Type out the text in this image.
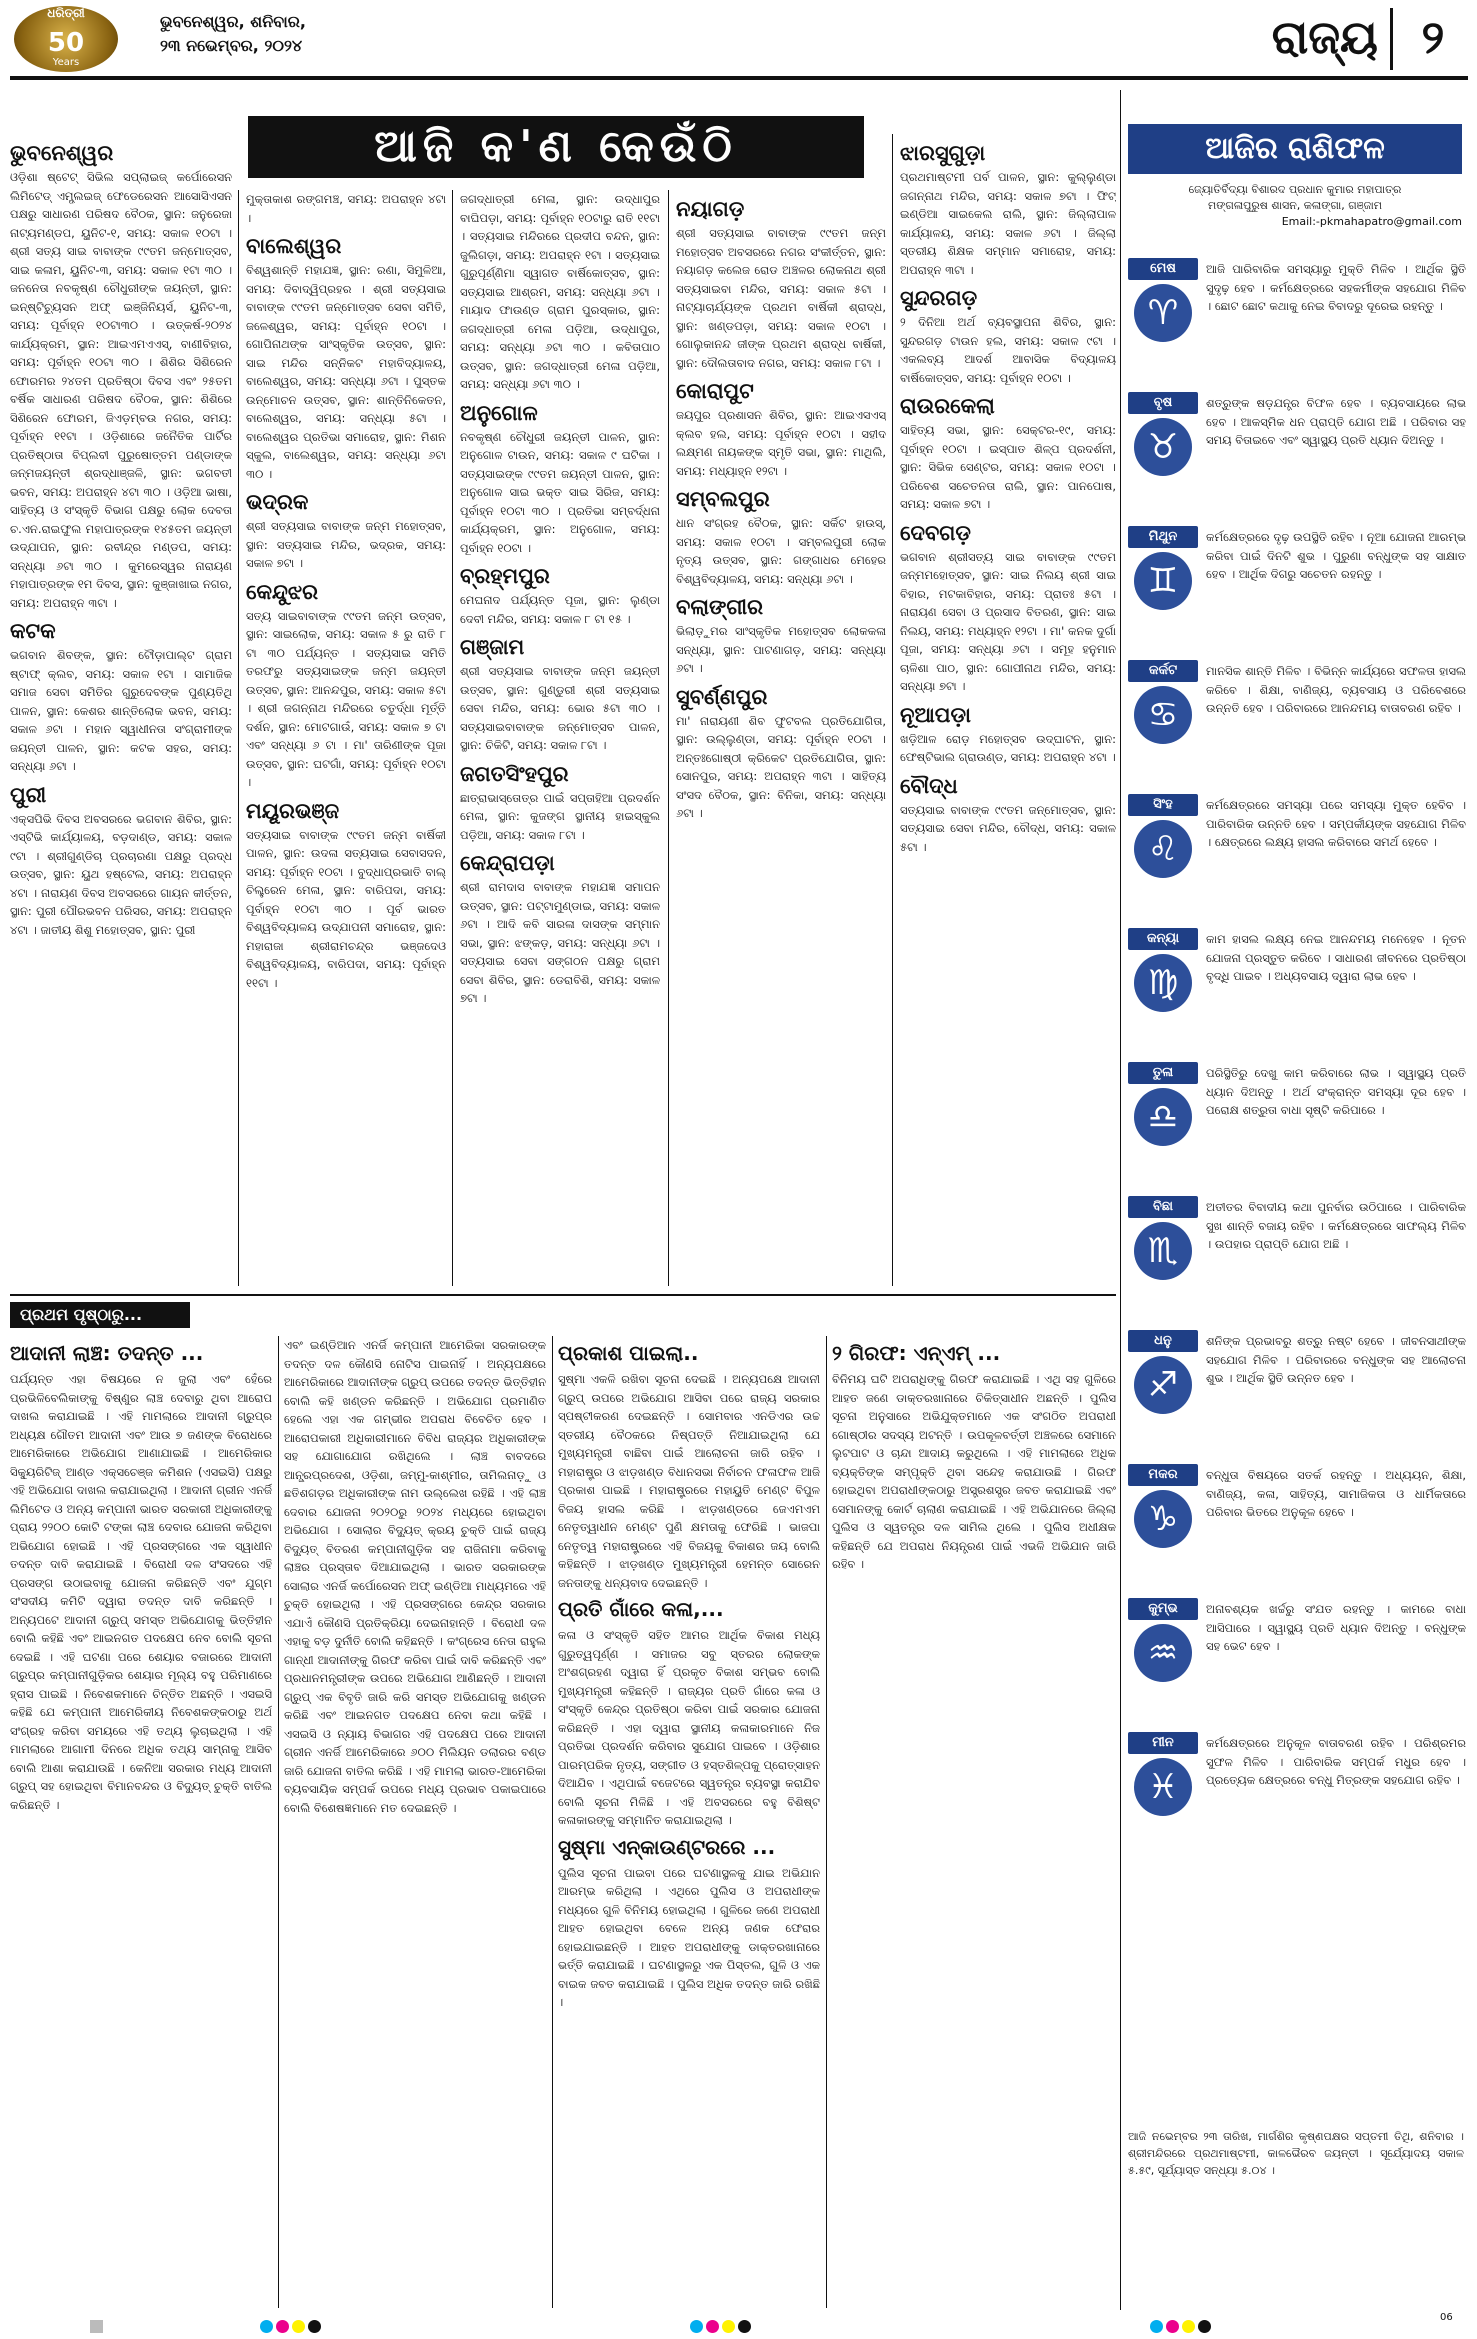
ଧରିତ୍ରୀ
50
Years
ଭୁବନେଶ୍ୱର, ଶନିବାର,
୨୩ ନଭେମ୍ବର, ୨୦୨୪	ରାଜ୍ୟ ୨
ଆଜି କ'ଣ କେଉଁଠି
ଭୁବନେଶ୍ୱର

ଓଡ଼ିଶା ଷ୍ଟେଟ୍ ସିଭିଲ ସପ୍ଲାଇଜ୍ କର୍ପୋରେସନ ଲିମିଟେଡ୍ ଏମ୍ପ୍ଲଇଜ୍ ଫେଡେରେସନ ଆସୋସିଏସନ ପକ୍ଷରୁ ସାଧାରଣ ପରିଷଦ ବୈଠକ, ସ୍ଥାନ: ଜନୁରେଜା ନାଟ୍ୟମଣ୍ଡପ, ୟୁନିଟ-୧, ସମୟ: ସକାଳ ୧୦ଟା । ଶ୍ରୀ ସତ୍ୟ ସାଇ ବାବାଙ୍କ ୯୯ତମ ଜନ୍ମୋତ୍ସବ, ସାଇ କଳାମ, ୟୁନିଟ-୩, ସମୟ: ସକାଳ ୧ଟା ୩୦ । ଜନନେତା ନବକୃଷ୍ଣ ଚୌଧୁରୀଙ୍କ ଜୟନ୍ତୀ, ସ୍ଥାନ: ଇନ୍ଷ୍ଟିଚ୍ୟୁସନ ଅଫ୍ ଇଞ୍ଜିନିୟର୍ସ, ୟୁନିଟ-୩, ସମୟ: ପୂର୍ବାହ୍ନ ୧୦ଟା୩୦ । ଉତ୍କର୍ଷ-୨୦୨୪ କାର୍ଯ୍ୟକ୍ରମ, ସ୍ଥାନ: ଆଇଏମଏଏସ୍, ବାଣୀବିହାର, ସମୟ: ପୂର୍ବାହ୍ନ ୧୦ଟା ୩୦ । ଶିଶିର ସିଶିରେନ ଫୋରମର ୨୪ତମ ପ୍ରତିଷ୍ଠା ଦିବସ ଏବଂ ୨୫ତମ ବର୍ଷିକ ସାଧାରଣ ପରିଷଦ ବୈଠକ, ସ୍ଥାନ: ଶିଶିରେ ସିଶିରେନ ଫୋରମ, ଜିଏଡ଼ମ୍ବଉ ନଗର, ସମୟ: ପୂର୍ବାହ୍ନ ୧୧ଟା । ଓଡ଼ିଶାରେ ଜନୈତିକ ପାର୍ଟିର ପ୍ରତିଷ୍ଠାତା ବିପ୍ଲବୀ ପୁରୁଷୋତ୍ତମ ପଣ୍ଡାଙ୍କ ଜନ୍ମଜୟନ୍ତୀ ଶ୍ରଦ୍ଧାଞ୍ଜଳି, ସ୍ଥାନ: ଭଗବତୀ ଭବନ, ସମୟ: ଅପରାହ୍ନ ୪ଟା ୩୦ । ଓଡ଼ିଆ ଭାଷା, ସାହିତ୍ୟ ଓ ସଂସ୍କୃତି ବିଭାଗ ପକ୍ଷରୁ ଲୋକ ଦେବତା ଚ.ଏନ.ରାଇଫୁଲ ମହାପାତ୍ରଙ୍କ ୧୪୫ତମ ଜୟନ୍ତୀ ଉଦ୍ଯାପନ, ସ୍ଥାନ: ରବୀନ୍ଦ୍ର ମଣ୍ଡପ, ସମୟ: ସନ୍ଧ୍ୟା ୬ଟା ୩୦ । କୁମରେସ୍ୱର ନାରାୟଣ ମହାପାତ୍ରଙ୍କ ୧ମ ଦିବସ, ସ୍ଥାନ: କୁଞ୍ଜାଖାଇ ନଗର, ସମୟ: ଅପରାହ୍ନ ୩ଟା ।

କଟକ

ଭଗବାନ ଶିବଙ୍କ, ସ୍ଥାନ: ଟୌଡ଼ାପାଲ୍ଟ ଗ୍ରାମ ଷ୍ଟାଫ୍ କ୍ଲବ, ସମୟ: ସକାଳ ୧ଟା । ସାମାଜିକ ସମାଜ ସେବା ସମିତିର ଗୁରୁଦେବଙ୍କ ପୁଣ୍ୟତିଥି ପାଳନ, ସ୍ଥାନ: କେଶର ଶାନ୍ତିଲୋକ ଭବନ, ସମୟ: ସକାଳ ୬ଟା । ମହାନ ସ୍ୱାଧୀନତା ସଂଗ୍ରାମୀଙ୍କ ଜୟନ୍ତୀ ପାଳନ, ସ୍ଥାନ: କଟକ ସହର, ସମୟ: ସନ୍ଧ୍ୟା ୬ଟା ।

ପୁରୀ

ଏକ୍ସପିଭି ଦିବସ ଅବସରରେ ଭଗବାନ ଶିବିର, ସ୍ଥାନ: ଏସ୍ଟିଭି କାର୍ଯ୍ୟାଳୟ, ବଡ଼ଦାଣ୍ଡ, ସମୟ: ସକାଳ ୯ଟା । ଶ୍ରୀଗୁଣ୍ଡିଚା ପ୍ରଚାରଣା ପକ୍ଷରୁ ପ୍ରଦ୍ଧ ଉତ୍ସବ, ସ୍ଥାନ: ୟୁଥ ହଷ୍ଟେଲ, ସମୟ: ଅପରାହ୍ନ ୪ଟା । ନାରାୟଣ ଦିବସ ଅବସରରେ ଗାୟନ କୀର୍ତ୍ତନ, ସ୍ଥାନ: ପୁରୀ ପୌରଭବନ ପରିସର, ସମୟ: ଅପରାହ୍ନ ୪ଟା । ଜାତୀୟ ଶିଶୁ ମହୋତ୍ସବ, ସ୍ଥାନ: ପୁରୀ

ମୁକ୍ତାକାଶ ରଙ୍ଗମଞ୍ଚ, ସମୟ: ଅପରାହ୍ନ ୪ଟା ।

ବାଲେଶ୍ୱର

ବିଶ୍ୱଶାନ୍ତି ମହାଯଜ୍ଞ, ସ୍ଥାନ: ରଣା, ସିମୁଳିଆ, ସମୟ: ଦିବାଦ୍ୱିପ୍ରହର । ଶ୍ରୀ ସତ୍ୟସାଇ ବାବାଙ୍କ ୯୯ତମ ଜନ୍ମୋତ୍ସବ ସେବା ସମିତି, ଜଳେଶ୍ୱର, ସମୟ: ପୂର୍ବାହ୍ନ ୧୦ଟା । ଗୋପିନାଥଙ୍କ ସାଂସ୍କୃତିକ ଉତ୍ସବ, ସ୍ଥାନ: ସାଇ ମନ୍ଦିର ସନ୍ନିକଟ ମହାବିଦ୍ୟାଳୟ, ବାଲେଶ୍ୱର, ସମୟ: ସନ୍ଧ୍ୟା ୬ଟା । ପୁସ୍ତକ ଉନ୍ମୋଚନ ଉତ୍ସବ, ସ୍ଥାନ: ଶାନ୍ତିନିକେତନ, ବାଲେଶ୍ୱର, ସମୟ: ସନ୍ଧ୍ୟା ୫ଟା । ବାଲେଶ୍ୱର ପ୍ରତିଭା ସମାରୋହ, ସ୍ଥାନ: ମିଶନ ସ୍କୁଲ, ବାଲେଶ୍ୱର, ସମୟ: ସନ୍ଧ୍ୟା ୬ଟା ୩୦ ।

ଭଦ୍ରକ

ଶ୍ରୀ ସତ୍ୟସାଇ ବାବାଙ୍କ ଜନ୍ମ ମହୋତ୍ସବ, ସ୍ଥାନ: ସତ୍ୟସାଇ ମନ୍ଦିର, ଭଦ୍ରକ, ସମୟ: ସକାଳ ୭ଟା ।

କେନ୍ଦୁଝର

ସତ୍ୟ ସାଇବାବାଙ୍କ ୯୯ତମ ଜନ୍ମ ଉତ୍ସବ, ସ୍ଥାନ: ସାଇଲୋକ, ସମୟ: ସକାଳ ୫ ରୁ ରାତି ୮ ଟା ୩୦ ପର୍ଯ୍ୟନ୍ତ । ସତ୍ୟସାଇ ସମିତି ତରଫରୁ ସତ୍ୟସାଇଙ୍କ ଜନ୍ମ ଜୟନ୍ତୀ ଉତ୍ସବ, ସ୍ଥାନ: ଆନନ୍ଦପୁର, ସମୟ: ସକାଳ ୫ଟା । ଶ୍ରୀ ଜଗନ୍ନାଥ ମନ୍ଦିରରେ ଚତୁର୍ଦ୍ଧା ମୂର୍ତ୍ତି ଦର୍ଶନ, ସ୍ଥାନ: ମୋଟଗାଉଁ, ସମୟ: ସକାଳ ୭ ଟା ଏବଂ ସନ୍ଧ୍ୟା ୬ ଟା । ମା' ତାରିଣୀଙ୍କ ପୂଜା ଉତ୍ସବ, ସ୍ଥାନ: ଘଟଗାଁ, ସମୟ: ପୂର୍ବାହ୍ନ ୧୦ଟା ।

ମୟୂରଭଞ୍ଜ

ସତ୍ୟସାଇ ବାବାଙ୍କ ୯୯ତମ ଜନ୍ମ ବାର୍ଷିକୀ ପାଳନ, ସ୍ଥାନ: ଉଦଳା ସତ୍ୟସାଇ ସେବାସଦନ, ସମୟ: ପୂର୍ବାହ୍ନ ୧୦ଟା । ବୁଦ୍ଧାପ୍ରଭାତି ବାଲ୍ ଚିଲ୍ଡ୍ରେନ ମେଳା, ସ୍ଥାନ: ବାରିପଦା, ସମୟ: ପୂର୍ବାହ୍ନ ୧୦ଟା ୩୦ । ପୂର୍ବ ଭାରତ ବିଶ୍ୱବିଦ୍ୟାଳୟ ଉଦ୍ଯାପନୀ ସମାରୋହ, ସ୍ଥାନ: ମହାରାଜା ଶ୍ରୀରାମଚନ୍ଦ୍ର ଭଞ୍ଜଦେଓ ବିଶ୍ୱବିଦ୍ୟାଳୟ, ବାରିପଦା, ସମୟ: ପୂର୍ବାହ୍ନ ୧୧ଟା ।

ଜଗଦ୍ଧାତ୍ରୀ ମେଳା, ସ୍ଥାନ: ଉଦ୍ଧାପୁର ବାଘିପଡ଼ା, ସମୟ: ପୂର୍ବାହ୍ନ ୧୦ଟାରୁ ରାତି ୧୧ଟା । ସତ୍ୟସାଇ ମନ୍ଦିରରେ ପ୍ରଦୀପ ବନ୍ଦନ, ସ୍ଥାନ: ଜୁଲିଗଡ଼ା, ସମୟ: ଅପରାହ୍ନ ୧ଟା । ସତ୍ୟସାଇ ଗୁରୁପୂର୍ଣ୍ଣିମା ସ୍ୱାଗତ ବାର୍ଷିକୋତ୍ସବ, ସ୍ଥାନ: ସତ୍ୟସାଇ ଆଶ୍ରମ, ସମୟ: ସନ୍ଧ୍ୟା ୬ଟା । ମାୟାଦ ଫାଉଣ୍ଡ ଗ୍ରାମ ପୁରସ୍କାର, ସ୍ଥାନ: ଜଗଦ୍ଧାତ୍ରୀ ମେଳା ପଡ଼ିଆ, ଉଦ୍ଧାପୁର, ସମୟ: ସନ୍ଧ୍ୟା ୬ଟା ୩୦ । କବିତାପାଠ ଉତ୍ସବ, ସ୍ଥାନ: ଜଗଦ୍ଧାତ୍ରୀ ମେଳା ପଡ଼ିଆ, ସମୟ: ସନ୍ଧ୍ୟା ୬ଟା ୩୦ ।

ଅନୁଗୋଳ

ନବକୃଷ୍ଣ ଚୌଧୁରୀ ଜୟନ୍ତୀ ପାଳନ, ସ୍ଥାନ: ଅନୁଗୋଳ ଟାଉନ, ସମୟ: ସକାଳ ୯ ଘଟିକା । ସତ୍ୟସାଇଙ୍କ ୯୯ତମ ଜୟନ୍ତୀ ପାଳନ, ସ୍ଥାନ: ଅନୁଗୋଳ ସାଇ ଭକ୍ତ ସାଇ ସିରିଜ, ସମୟ: ପୂର୍ବାହ୍ନ ୧୦ଟା ୩୦ । ପ୍ରତିଭା ସମ୍ବର୍ଦ୍ଧନା କାର୍ଯ୍ୟକ୍ରମ, ସ୍ଥାନ: ଅନୁଗୋଳ, ସମୟ: ପୂର୍ବାହ୍ନ ୧୦ଟା ।

ବ୍ରହ୍ମପୁର

ମେଘନାଦ ପର୍ଯ୍ୟନ୍ତ ପୂଜା, ସ୍ଥାନ: ଲୁଣ୍ଡା ଦେବୀ ମନ୍ଦିର, ସମୟ: ସକାଳ ୮ ଟା ୧୫ ।

ଗଞ୍ଜାମ

ଶ୍ରୀ ସତ୍ୟସାଇ ବାବାଙ୍କ ଜନ୍ମ ଜୟନ୍ତୀ ଉତ୍ସବ, ସ୍ଥାନ: ଗୁଣ୍ଡୁରୀ ଶ୍ରୀ ସତ୍ୟସାଇ ସେବା ମନ୍ଦିର, ସମୟ: ଭୋର ୫ଟା ୩୦ । ସତ୍ୟସାଇବାବାଙ୍କ ଜନ୍ମୋତ୍ସବ ପାଳନ, ସ୍ଥାନ: ଚିକିଟି, ସମୟ: ସକାଳ ୮ଟା ।

ଜଗତସିଂହପୁର

ଛାତ୍ରାଭାସ୍ତୋତ୍ର ପାଇଁ ସପ୍ତାହିଆ ପ୍ରଦର୍ଶନ ମେଳା, ସ୍ଥାନ: କୁଜଙ୍ଗ ସ୍ଥାନୀୟ ହାଇସ୍କୁଲ ପଡ଼ିଆ, ସମୟ: ସକାଳ ୮ଟା ।

କେନ୍ଦ୍ରାପଡ଼ା

ଶ୍ରୀ ରାମଦାସ ବାବାଙ୍କ ମହାଯଜ୍ଞ ସମାପନ ଉତ୍ସବ, ସ୍ଥାନ: ପଟ୍ଟାମୁଣ୍ଡାଇ, ସମୟ: ସକାଳ ୬ଟା । ଆଦି କବି ସାରଳା ଦାସଙ୍କ ସମ୍ମାନ ସଭା, ସ୍ଥାନ: ଝଙ୍କଡ଼, ସମୟ: ସନ୍ଧ୍ୟା ୬ଟା । ସତ୍ୟସାଇ ସେବା ସଙ୍ଗଠନ ପକ୍ଷରୁ ଗ୍ରାମ ସେବା ଶିବିର, ସ୍ଥାନ: ଡେରାବିଶି, ସମୟ: ସକାଳ ୭ଟା ।

ନୟାଗଡ଼

ଶ୍ରୀ ସତ୍ୟସାଇ ବାବାଙ୍କ ୯୯ତମ ଜନ୍ମ ମହୋତ୍ସବ ଅବସରରେ ନଗର ସଂକୀର୍ତ୍ତନ, ସ୍ଥାନ: ନୟାଗଡ଼ କଲେଜ ରୋଡ ଅଞ୍ଚଳର ଲୋକନାଥ ଶ୍ରୀ ସତ୍ୟସାଇବା ମନ୍ଦିର, ସମୟ: ସକାଳ ୫ଟା । ନାଟ୍ୟାଚାର୍ଯ୍ୟଙ୍କ ପ୍ରଥମ ବାର୍ଷିକୀ ଶ୍ରାଦ୍ଧ, ସ୍ଥାନ: ଖଣ୍ଡପଡ଼ା, ସମୟ: ସକାଳ ୧୦ଟା । ଗୋଲୁକାନନ୍ଦ ଜୀଙ୍କ ପ୍ରଥମ ଶ୍ରାଦ୍ଧ ବାର୍ଷିକୀ, ସ୍ଥାନ: ଦୌଲତାବାଦ ନଗର, ସମୟ: ସକାଳ ୮ଟା ।

କୋରାପୁଟ

ଜୟପୁର ପ୍ରଶାସନ ଶିବିର, ସ୍ଥାନ: ଆଇଏସଏସ୍ କ୍ଲବ ହଲ, ସମୟ: ପୂର୍ବାହ୍ନ ୧୦ଟା । ସହୀଦ ଲକ୍ଷ୍ମଣ ନାୟକଙ୍କ ସ୍ମୃତି ସଭା, ସ୍ଥାନ: ମାଥିଲି, ସମୟ: ମଧ୍ୟାହ୍ନ ୧୨ଟା ।

ସମ୍ବଲପୁର

ଧାନ ସଂଗ୍ରହ ବୈଠକ, ସ୍ଥାନ: ସର୍କିଟ ହାଉସ୍, ସମୟ: ସକାଳ ୧୦ଟା । ସମ୍ବଲପୁରୀ ଲୋକ ନୃତ୍ୟ ଉତ୍ସବ, ସ୍ଥାନ: ଗଙ୍ଗାଧର ମେହେର ବିଶ୍ୱବିଦ୍ୟାଳୟ, ସମୟ: ସନ୍ଧ୍ୟା ୬ଟା ।

ବଲାଙ୍ଗୀର

ଭିଲାଡ଼ୁମର ସାଂସ୍କୃତିକ ମହୋତ୍ସବ ଲୋକକଳା ସନ୍ଧ୍ୟା, ସ୍ଥାନ: ପାଟଣାଗଡ଼, ସମୟ: ସନ୍ଧ୍ୟା ୬ଟା ।

ସୁବର୍ଣ୍ଣପୁର

ମା' ନାରାୟଣୀ ଶିବ ଫୁଟବଲ ପ୍ରତିଯୋଗିତା, ସ୍ଥାନ: ଉଲ୍ଲୁଣ୍ଡା, ସମୟ: ପୂର୍ବାହ୍ନ ୧୦ଟା । ଅନ୍ତଃଗୋଷ୍ଠୀ କ୍ରିକେଟ ପ୍ରତିଯୋଗିତା, ସ୍ଥାନ: ସୋନପୁର, ସମୟ: ଅପରାହ୍ନ ୩ଟା । ସାହିତ୍ୟ ସଂସଦ ବୈଠକ, ସ୍ଥାନ: ବିନିକା, ସମୟ: ସନ୍ଧ୍ୟା ୬ଟା ।

ଝାରସୁଗୁଡ଼ା

ପ୍ରଥମାଷ୍ଟମୀ ପର୍ବ ପାଳନ, ସ୍ଥାନ: କୁଲ୍ଲୁଣ୍ଡା ଜଗନ୍ନାଥ ମନ୍ଦିର, ସମୟ: ସକାଳ ୭ଟା । ଫିଟ୍ ଇଣ୍ଡିଆ ସାଇକେଲ ରାଲି, ସ୍ଥାନ: ଜିଲ୍ଲାପାଳ କାର୍ଯ୍ୟାଳୟ, ସମୟ: ସକାଳ ୬ଟା । ଜିଲ୍ଲା ସ୍ତରୀୟ ଶିକ୍ଷକ ସମ୍ମାନ ସମାରୋହ, ସମୟ: ଅପରାହ୍ନ ୩ଟା ।

ସୁନ୍ଦରଗଡ଼

୨ ଦିନିଆ ଅର୍ଥ ବ୍ୟବସ୍ଥାପନା ଶିବିର, ସ୍ଥାନ: ସୁନ୍ଦରଗଡ଼ ଟାଉନ ହଲ, ସମୟ: ସକାଳ ୯ଟା । ଏକଲବ୍ୟ ଆଦର୍ଶ ଆବାସିକ ବିଦ୍ୟାଳୟ ବାର୍ଷିକୋତ୍ସବ, ସମୟ: ପୂର୍ବାହ୍ନ ୧୦ଟା ।

ରାଉରକେଲା

ସାହିତ୍ୟ ସଭା, ସ୍ଥାନ: ସେକ୍ଟର-୧୯, ସମୟ: ପୂର୍ବାହ୍ନ ୧୦ଟା । ଇସ୍ପାତ ଶିଳ୍ପ ପ୍ରଦର୍ଶନୀ, ସ୍ଥାନ: ସିଭିକ ସେଣ୍ଟର, ସମୟ: ସକାଳ ୧୦ଟା । ପରିବେଶ ସଚେତନତା ରାଲି, ସ୍ଥାନ: ପାନପୋଷ, ସମୟ: ସକାଳ ୭ଟା ।

ଦେବଗଡ଼

ଭଗବାନ ଶ୍ରୀସତ୍ୟ ସାଇ ବାବାଙ୍କ ୯୯ତମ ଜନ୍ମମହୋତ୍ସବ, ସ୍ଥାନ: ସାଇ ନିଲୟ ଶ୍ରୀ ସାଇ ବିହାର, ମଟକାବିହାର, ସମୟ: ପ୍ରାତଃ ୫ଟା । ନାରାୟଣ ସେବା ଓ ପ୍ରସାଦ ବିତରଣ, ସ୍ଥାନ: ସାଇ ନିଲୟ, ସମୟ: ମଧ୍ୟାହ୍ନ ୧୨ଟା । ମା' କନକ ଦୁର୍ଗା ପୂଜା, ସମୟ: ସନ୍ଧ୍ୟା ୬ଟା । ସମୂହ ହନୁମାନ ଚାଳିଶା ପାଠ, ସ୍ଥାନ: ଗୋପୀନାଥ ମନ୍ଦିର, ସମୟ: ସନ୍ଧ୍ୟା ୭ଟା ।

ନୂଆପଡ଼ା

ଖଡ଼ିଆଳ ରୋଡ଼ ମହୋତ୍ସବ ଉଦ୍‌ଘାଟନ, ସ୍ଥାନ: ଫେଷ୍ଟିଭାଲ ଗ୍ରାଉଣ୍ଡ, ସମୟ: ଅପରାହ୍ନ ୪ଟା ।

ବୌଦ୍ଧ

ସତ୍ୟସାଇ ବାବାଙ୍କ ୯୯ତମ ଜନ୍ମୋତ୍ସବ, ସ୍ଥାନ: ସତ୍ୟସାଇ ସେବା ମନ୍ଦିର, ବୌଦ୍ଧ, ସମୟ: ସକାଳ ୫ଟା ।

ଆଜିର ରାଶିଫଳ
ଜ୍ୟୋତିର୍ବିଦ୍ୟା ବିଶାରଦ ପ୍ରଧାନ କୁମାର ମହାପାତ୍ର
ମଙ୍ଗଳାପୁରୁଷ ଶାସନ, କଳାଙ୍ଗା, ଗଞ୍ଜାମ
Email:-pkmahapatro@gmail.com
ମେଷ
♈
ଆଜି ପାରିବାରିକ ସମସ୍ୟାରୁ ମୁକ୍ତି ମିଳିବ । ଆର୍ଥିକ ସ୍ଥିତି ସୁଦୃଢ଼ ହେବ । କର୍ମକ୍ଷେତ୍ରରେ ସହକର୍ମୀଙ୍କ ସହଯୋଗ ମିଳିବ । ଛୋଟ ଛୋଟ କଥାକୁ ନେଇ ବିବାଦରୁ ଦୂରେଇ ରହନ୍ତୁ ।
ବୃଷ
♉
ଶତ୍ରୁଙ୍କ ଷଡ଼ଯନ୍ତ୍ର ବିଫଳ ହେବ । ବ୍ୟବସାୟରେ ଲାଭ ହେବ । ଆକସ୍ମିକ ଧନ ପ୍ରାପ୍ତି ଯୋଗ ଅଛି । ପରିବାର ସହ ସମୟ ବିତାଇବେ ଏବଂ ସ୍ୱାସ୍ଥ୍ୟ ପ୍ରତି ଧ୍ୟାନ ଦିଅନ୍ତୁ ।
ମିଥୁନ
♊
କର୍ମକ୍ଷେତ୍ରରେ ଦୃଢ଼ ଉପସ୍ଥିତି ରହିବ । ନୂଆ ଯୋଜନା ଆରମ୍ଭ କରିବା ପାଇଁ ଦିନଟି ଶୁଭ । ପୁରୁଣା ବନ୍ଧୁଙ୍କ ସହ ସାକ୍ଷାତ ହେବ । ଆର୍ଥିକ ଦିଗରୁ ସଚେତନ ରହନ୍ତୁ ।
କର୍କଟ
♋
ମାନସିକ ଶାନ୍ତି ମିଳିବ । ବିଭିନ୍ନ କାର୍ଯ୍ୟରେ ସଫଳତା ହାସଲ କରିବେ । ଶିକ୍ଷା, ବାଣିଜ୍ୟ, ବ୍ୟବସାୟ ଓ ପରିବେଶରେ ଉନ୍ନତି ହେବ । ପରିବାରରେ ଆନନ୍ଦମୟ ବାତାବରଣ ରହିବ ।
ସିଂହ
♌
କର୍ମକ୍ଷେତ୍ରରେ ସମସ୍ୟା ପରେ ସମସ୍ୟା ମୁକ୍ତ ହେବିବ । ପାରିବାରିକ ଉନ୍ନତି ହେବ । ସମ୍ପର୍କୀୟଙ୍କ ସହଯୋଗ ମିଳିବ । କ୍ଷେତ୍ରରେ ଲକ୍ଷ୍ୟ ହାସଲ କରିବାରେ ସମର୍ଥ ହେବେ ।
କନ୍ୟା
♍
କାମ ହାସଲ ଲକ୍ଷ୍ୟ ନେଇ ଆନନ୍ଦମୟ ମନେହେବ । ନୂତନ ଯୋଜନା ପ୍ରସ୍ତୁତ କରିବେ । ସାଧାରଣ ଜୀବନରେ ପ୍ରତିଷ୍ଠା ବୃଦ୍ଧି ପାଇବ । ଅଧ୍ୟବସାୟ ଦ୍ୱାରା ଲାଭ ହେବ ।
ତୁଳା
♎
ପରିସ୍ଥିତିରୁ ଦେଖୁ କାମ କରିବାରେ ଲାଭ । ସ୍ୱାସ୍ଥ୍ୟ ପ୍ରତି ଧ୍ୟାନ ଦିଅନ୍ତୁ । ଅର୍ଥ ସଂକ୍ରାନ୍ତ ସମସ୍ୟା ଦୂର ହେବ । ପରୋକ୍ଷ ଶତ୍ରୁତା ବାଧା ସୃଷ୍ଟି କରିପାରେ ।
ବିଛା
♏
ଅତୀତର ବିବାଦୀୟ କଥା ପୁନର୍ବାର ଉଠିପାରେ । ପାରିବାରିକ ସୁଖ ଶାନ୍ତି ବଜାୟ ରହିବ । କର୍ମକ୍ଷେତ୍ରରେ ସାଫଲ୍ୟ ମିଳିବ । ଉପହାର ପ୍ରାପ୍ତି ଯୋଗ ଅଛି ।
ଧନୁ
♐
ଶନିଙ୍କ ପ୍ରଭାବରୁ ଶତ୍ରୁ ନଷ୍ଟ ହେବେ । ଜୀବନସାଥୀଙ୍କ ସହଯୋଗ ମିଳିବ । ପରିବାରରେ ବନ୍ଧୁଙ୍କ ସହ ଆଲୋଚନା ଶୁଭ । ଆର୍ଥିକ ସ୍ଥିତି ଉନ୍ନତ ହେବ ।
ମକର
♑
ବନ୍ଧୁତା ବିଷୟରେ ସତର୍କ ରହନ୍ତୁ । ଅଧ୍ୟୟନ, ଶିକ୍ଷା, ବାଣିଜ୍ୟ, କଳା, ସାହିତ୍ୟ, ସାମାଜିକତା ଓ ଧାର୍ମିକତାରେ ପରିବାର ଭିତରେ ଅନୁକୂଳ ହେବେ ।
କୁମ୍ଭ
♒
ଅନାବଶ୍ୟକ ଖର୍ଚ୍ଚରୁ ସଂଯତ ରହନ୍ତୁ । କାମରେ ବାଧା ଆସିପାରେ । ସ୍ୱାସ୍ଥ୍ୟ ପ୍ରତି ଧ୍ୟାନ ଦିଅନ୍ତୁ । ବନ୍ଧୁଙ୍କ ସହ ଭେଟ ହେବ ।
ମୀନ
♓
କର୍ମକ୍ଷେତ୍ରରେ ଅନୁକୂଳ ବାତାବରଣ ରହିବ । ପରିଶ୍ରମର ସୁଫଳ ମିଳିବ । ପାରିବାରିକ ସମ୍ପର୍କ ମଧୁର ହେବ । ପ୍ରତ୍ୟେକ କ୍ଷେତ୍ରରେ ବନ୍ଧୁ ମିତ୍ରଙ୍କ ସହଯୋଗ ରହିବ ।
ଆଜି ନଭେମ୍ବର ୨୩ ତାରିଖ, ମାର୍ଗଶିର କୃଷ୍ଣପକ୍ଷର ସପ୍ତମୀ ତିଥି, ଶନିବାର । ଶ୍ରୀମନ୍ଦିରରେ ପ୍ରଥମାଷ୍ଟମୀ, କାଳଭୈରବ ଜୟନ୍ତୀ । ସୂର୍ଯ୍ୟୋଦୟ ସକାଳ ୫.୫୯, ସୂର୍ଯ୍ୟାସ୍ତ ସନ୍ଧ୍ୟା ୫.୦୪ ।
ପ୍ରଥମ ପୃଷ୍ଠାରୁ...
ଆଦାନୀ ଲାଞ୍ଚ: ତଦନ୍ତ ...
ପର୍ଯ୍ୟନ୍ତ ଏହା ବିଷୟରେ ନ ଜୁଲା ଏବଂ ହେଁରେ ପ୍ରଭିଳିବେଲିକାଙ୍କୁ ବିଷ୍ଣୁର ଲାଞ୍ଚ ଦେବାରୁ ଥିବା ଆରୋପ ଦାଖଲ କରାଯାଇଛି । ଏହି ମାମଲାରେ ଆଦାନୀ ଗ୍ରୁପ୍‌ର ଅଧ୍ୟକ୍ଷ ଗୌତମ ଆଦାନୀ ଏବଂ ଆଉ ୭ ଜଣଙ୍କ ବିରୋଧରେ ଆମେରିକାରେ ଅଭିଯୋଗ ଆଣାଯାଇଛି । ଆମେରିକାର ସିକ୍ୟୁରିଟିଜ୍ ଆଣ୍ଡ ଏକ୍ସଚେଞ୍ଜ କମିଶନ (ଏସଇସି) ପକ୍ଷରୁ ଏହି ଅଭିଯୋଗ ଦାଖଲ କରାଯାଇଥିଲା । ଆଦାନୀ ଗ୍ରୀନ ଏନର୍ଜି ଲିମିଟେଡ ଓ ଅନ୍ୟ କମ୍ପାନୀ ଭାରତ ସରକାରୀ ଅଧିକାରୀଙ୍କୁ ପ୍ରାୟ ୨୨୦୦ କୋଟି ଟଙ୍କା ଲାଞ୍ଚ ଦେବାର ଯୋଜନା କରିଥିବା ଅଭିଯୋଗ ହୋଇଛି । ଏହି ପ୍ରସଙ୍ଗରେ ଏକ ସ୍ୱାଧୀନ ତଦନ୍ତ ଦାବି କରାଯାଇଛି । ବିରୋଧୀ ଦଳ ସଂସଦରେ ଏହି ପ୍ରସଙ୍ଗ ଉଠାଇବାକୁ ଯୋଜନା କରିଛନ୍ତି ଏବଂ ଯୁଗ୍ମ ସଂସଦୀୟ କମିଟି ଦ୍ୱାରା ତଦନ୍ତ ଦାବି କରିଛନ୍ତି । ଅନ୍ୟପଟେ ଆଦାନୀ ଗ୍ରୁପ୍ ସମସ୍ତ ଅଭିଯୋଗକୁ ଭିତ୍ତିହୀନ ବୋଲି କହିଛି ଏବଂ ଆଇନଗତ ପଦକ୍ଷେପ ନେବ ବୋଲି ସୂଚନା ଦେଇଛି । ଏହି ଘଟଣା ପରେ ଶେୟାର ବଜାରରେ ଆଦାନୀ ଗ୍ରୁପ୍‌ର କମ୍ପାନୀଗୁଡ଼ିକର ଶେୟାର ମୂଲ୍ୟ ବହୁ ପରିମାଣରେ ହ୍ରାସ ପାଇଛି । ନିବେଶକମାନେ ଚିନ୍ତିତ ଅଛନ୍ତି । ଏସଇସି କହିଛି ଯେ କମ୍ପାନୀ ଆମେରିକୀୟ ନିବେଶକଙ୍କଠାରୁ ଅର୍ଥ ସଂଗ୍ରହ କରିବା ସମୟରେ ଏହି ତଥ୍ୟ ଲୁଚାଇଥିଲା । ଏହି ମାମଲାରେ ଆଗାମୀ ଦିନରେ ଅଧିକ ତଥ୍ୟ ସାମ୍ନାକୁ ଆସିବ ବୋଲି ଆଶା କରାଯାଉଛି । କେନିଆ ସରକାର ମଧ୍ୟ ଆଦାନୀ ଗ୍ରୁପ୍ ସହ ହୋଇଥିବା ବିମାନବନ୍ଦର ଓ ବିଦ୍ୟୁତ୍ ଚୁକ୍ତି ବାତିଲ କରିଛନ୍ତି ।
ଏବଂ ଇଣ୍ଡିଆନ ଏନର୍ଜି କମ୍ପାନୀ ଆମେରିକା ସରକାରଙ୍କ ତଦନ୍ତ ଦଳ କୌଣସି ନୋଟିସ ପାଇନାହିଁ । ଅନ୍ୟପକ୍ଷରେ ଆମେରିକାରେ ଆଦାନୀଙ୍କ ଗ୍ରୁପ୍ ଉପରେ ତଦନ୍ତ ଭିତ୍ତିହୀନ ବୋଲି କହି ଖଣ୍ଡନ କରିଛନ୍ତି । ଅଭିଯୋଗ ପ୍ରମାଣିତ ହେଲେ ଏହା ଏକ ଗମ୍ଭୀର ଅପରାଧ ବିବେଚିତ ହେବ । ଆରୋପକାରୀ ଅଧିକାରୀମାନେ ବିବିଧ ରାଜ୍ୟର ଅଧିକାରୀଙ୍କ ସହ ଯୋଗାଯୋଗ ରଖିଥିଲେ । ଲାଞ୍ଚ ବାବଦରେ ଆନ୍ଧ୍ରପ୍ରଦେଶ, ଓଡ଼ିଶା, ଜମ୍ମୁ-କାଶ୍ମୀର, ତାମିଲନାଡ଼ୁ ଓ ଛତିଶଗଡ଼ର ଅଧିକାରୀଙ୍କ ନାମ ଉଲ୍ଲେଖ ରହିଛି । ଏହି ଲାଞ୍ଚ ଦେବାର ଯୋଜନା ୨୦୨୦ରୁ ୨୦୨୪ ମଧ୍ୟରେ ହୋଇଥିବା ଅଭିଯୋଗ । ସୋଲାର ବିଦ୍ୟୁତ୍ କ୍ରୟ ଚୁକ୍ତି ପାଇଁ ରାଜ୍ୟ ବିଦ୍ୟୁତ୍ ବିତରଣ କମ୍ପାନୀଗୁଡ଼ିକ ସହ ରାଜିନାମା କରିବାକୁ ଲାଞ୍ଚର ପ୍ରସ୍ତାବ ଦିଆଯାଇଥିଲା । ଭାରତ ସରକାରଙ୍କ ସୋଲାର ଏନର୍ଜି କର୍ପୋରେସନ ଅଫ୍ ଇଣ୍ଡିଆ ମାଧ୍ୟମରେ ଏହି ଚୁକ୍ତି ହୋଇଥିଲା । ଏହି ପ୍ରସଙ୍ଗରେ କେନ୍ଦ୍ର ସରକାର ଏଯାଏଁ କୌଣସି ପ୍ରତିକ୍ରିୟା ଦେଇନାହାନ୍ତି । ବିରୋଧୀ ଦଳ ଏହାକୁ ବଡ଼ ଦୁର୍ନୀତି ବୋଲି କହିଛନ୍ତି । କଂଗ୍ରେସ ନେତା ରାହୁଲ ଗାନ୍ଧୀ ଆଦାନୀଙ୍କୁ ଗିରଫ କରିବା ପାଇଁ ଦାବି କରିଛନ୍ତି ଏବଂ ପ୍ରଧାନମନ୍ତ୍ରୀଙ୍କ ଉପରେ ଅଭିଯୋଗ ଆଣିଛନ୍ତି । ଆଦାନୀ ଗ୍ରୁପ୍ ଏକ ବିବୃତି ଜାରି କରି ସମସ୍ତ ଅଭିଯୋଗକୁ ଖଣ୍ଡନ କରିଛି ଏବଂ ଆଇନଗତ ପଦକ୍ଷେପ ନେବା କଥା କହିଛି । ଏସଇସି ଓ ନ୍ୟାୟ ବିଭାଗର ଏହି ପଦକ୍ଷେପ ପରେ ଆଦାନୀ ଗ୍ରୀନ ଏନର୍ଜି ଆମେରିକାରେ ୬୦୦ ମିଲିୟନ ଡଲାରର ବଣ୍ଡ ଜାରି ଯୋଜନା ବାତିଲ କରିଛି । ଏହି ମାମଲା ଭାରତ-ଆମେରିକା ବ୍ୟବସାୟିକ ସମ୍ପର୍କ ଉପରେ ମଧ୍ୟ ପ୍ରଭାବ ପକାଇପାରେ ବୋଲି ବିଶେଷଜ୍ଞମାନେ ମତ ଦେଇଛନ୍ତି ।
ପ୍ରକାଶ ପାଇଲା..
ସୁଷ୍ମା ଏକଳି ରଖିବା ସୂଚନା ଦେଇଛି । ଅନ୍ୟପକ୍ଷେ ଆଦାନୀ ଗ୍ରୁପ୍ ଉପରେ ଅଭିଯୋଗ ଆସିବା ପରେ ରାଜ୍ୟ ସରକାର ସ୍ପଷ୍ଟୀକରଣ ଦେଇଛନ୍ତି । ସୋମବାର ଏନଡିଏର ଉଚ୍ଚ ସ୍ତରୀୟ ବୈଠକରେ ନିଷ୍ପତ୍ତି ନିଆଯାଇଥିଲା ଯେ ମୁଖ୍ୟମନ୍ତ୍ରୀ ବାଛିବା ପାଇଁ ଆଲୋଚନା ଜାରି ରହିବ । ମହାରାଷ୍ଟ୍ର ଓ ଝାଡ଼ଖଣ୍ଡ ବିଧାନସଭା ନିର୍ବାଚନ ଫଳାଫଳ ଆଜି ପ୍ରକାଶ ପାଇଛି । ମହାରାଷ୍ଟ୍ରରେ ମହାୟୁତି ମେଣ୍ଟ ବିପୁଳ ବିଜୟ ହାସଲ କରିଛି । ଝାଡ଼ଖଣ୍ଡରେ ଜେଏମଏମ ନେତୃତ୍ୱାଧୀନ ମେଣ୍ଟ ପୁଣି କ୍ଷମତାକୁ ଫେରିଛି । ଭାଜପା ନେତୃତ୍ୱ ମହାରାଷ୍ଟ୍ରରେ ଏହି ବିଜୟକୁ ବିକାଶର ଜୟ ବୋଲି କହିଛନ୍ତି । ଝାଡ଼ଖଣ୍ଡ ମୁଖ୍ୟମନ୍ତ୍ରୀ ହେମନ୍ତ ସୋରେନ ଜନତାଙ୍କୁ ଧନ୍ୟବାଦ ଦେଇଛନ୍ତି ।
ପ୍ରତି ଗାଁରେ କଳା,...
କଳା ଓ ସଂସ୍କୃତି ସହିତ ଆମର ଆର୍ଥିକ ବିକାଶ ମଧ୍ୟ ଗୁରୁତ୍ୱପୂର୍ଣ୍ଣ । ସମାଜର ସବୁ ସ୍ତରର ଲୋକଙ୍କ ଅଂଶଗ୍ରହଣ ଦ୍ୱାରା ହିଁ ପ୍ରକୃତ ବିକାଶ ସମ୍ଭବ ବୋଲି ମୁଖ୍ୟମନ୍ତ୍ରୀ କହିଛନ୍ତି । ରାଜ୍ୟର ପ୍ରତି ଗାଁରେ କଳା ଓ ସଂସ୍କୃତି କେନ୍ଦ୍ର ପ୍ରତିଷ୍ଠା କରିବା ପାଇଁ ସରକାର ଯୋଜନା କରିଛନ୍ତି । ଏହା ଦ୍ୱାରା ସ୍ଥାନୀୟ କଳାକାରମାନେ ନିଜ ପ୍ରତିଭା ପ୍ରଦର୍ଶନ କରିବାର ସୁଯୋଗ ପାଇବେ । ଓଡ଼ିଶାର ପାରମ୍ପରିକ ନୃତ୍ୟ, ସଙ୍ଗୀତ ଓ ହସ୍ତଶିଳ୍ପକୁ ପ୍ରୋତ୍ସାହନ ଦିଆଯିବ । ଏଥିପାଇଁ ବଜେଟରେ ସ୍ୱତନ୍ତ୍ର ବ୍ୟବସ୍ଥା କରାଯିବ ବୋଲି ସୂଚନା ମିଳିଛି । ଏହି ଅବସରରେ ବହୁ ବିଶିଷ୍ଟ କଳାକାରଙ୍କୁ ସମ୍ମାନିତ କରାଯାଇଥିଲା ।
ସୁଷ୍ମା ଏନ୍‌କାଉଣ୍ଟରରେ ...
ପୁଲିସ ସୂଚନା ପାଇବା ପରେ ଘଟଣାସ୍ଥଳକୁ ଯାଇ ଅଭିଯାନ ଆରମ୍ଭ କରିଥିଲା । ଏଥିରେ ପୁଲିସ ଓ ଅପରାଧୀଙ୍କ ମଧ୍ୟରେ ଗୁଳି ବିନିମୟ ହୋଇଥିଲା । ଗୁଳିରେ ଜଣେ ଅପରାଧୀ ଆହତ ହୋଇଥିବା ବେଳେ ଅନ୍ୟ ଜଣକ ଫେରାର ହୋଇଯାଇଛନ୍ତି । ଆହତ ଅପରାଧୀଙ୍କୁ ଡାକ୍ତରଖାନାରେ ଭର୍ତ୍ତି କରାଯାଇଛି । ଘଟଣାସ୍ଥଳରୁ ଏକ ପିସ୍ତଲ, ଗୁଳି ଓ ଏକ ବାଇକ ଜବତ କରାଯାଇଛି । ପୁଲିସ ଅଧିକ ତଦନ୍ତ ଜାରି ରଖିଛି ।
୨ ଗିରଫ: ଏନ୍‌ଏମ୍ ...
ବିନିମୟ ଘଟି ଅପରାଧିଙ୍କୁ ଗିରଫ କରାଯାଇଛି । ଏଥି ସହ ଗୁଳିରେ ଆହତ ଜଣେ ଡାକ୍ତରଖାନାରେ ଚିକିତ୍ସାଧୀନ ଅଛନ୍ତି । ପୁଲିସ ସୂଚନା ଅନୁସାରେ ଅଭିଯୁକ୍ତମାନେ ଏକ ସଂଗଠିତ ଅପରାଧୀ ଗୋଷ୍ଠୀର ସଦସ୍ୟ ଅଟନ୍ତି । ଉପକୂଳବର୍ତ୍ତୀ ଅଞ୍ଚଳରେ ସେମାନେ ଲୁଟପାଟ ଓ ଚାନ୍ଦା ଆଦାୟ କରୁଥିଲେ । ଏହି ମାମଲାରେ ଅଧିକ ବ୍ୟକ୍ତିଙ୍କ ସମ୍ପୃକ୍ତି ଥିବା ସନ୍ଦେହ କରାଯାଉଛି । ଗିରଫ ହୋଇଥିବା ଅପରାଧୀଙ୍କଠାରୁ ଅସ୍ତ୍ରଶସ୍ତ୍ର ଜବତ କରାଯାଇଛି ଏବଂ ସେମାନଙ୍କୁ କୋର୍ଟ ଚାଲାଣ କରାଯାଇଛି । ଏହି ଅଭିଯାନରେ ଜିଲ୍ଲା ପୁଲିସ ଓ ସ୍ୱତନ୍ତ୍ର ଦଳ ସାମିଲ ଥିଲେ । ପୁଲିସ ଅଧୀକ୍ଷକ କହିଛନ୍ତି ଯେ ଅପରାଧ ନିୟନ୍ତ୍ରଣ ପାଇଁ ଏଭଳି ଅଭିଯାନ ଜାରି ରହିବ ।
06
